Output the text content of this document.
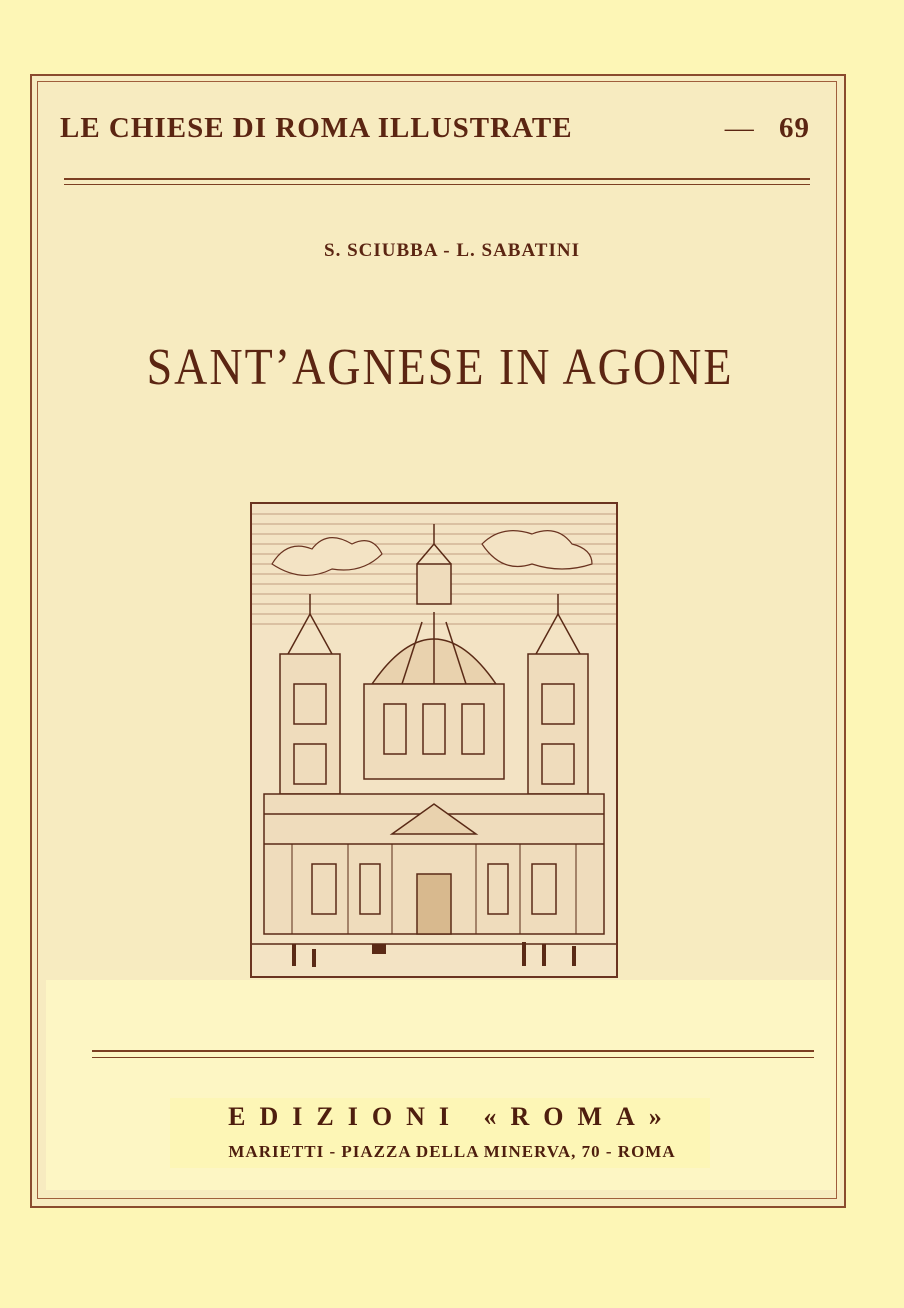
LE CHIESE DI ROMA ILLUSTRATE	— 69
S. SCIUBBA - L. SABATINI
SANT’AGNESE IN AGONE
EDIZIONI «ROMA»
MARIETTI - PIAZZA DELLA MINERVA, 70 - ROMA
